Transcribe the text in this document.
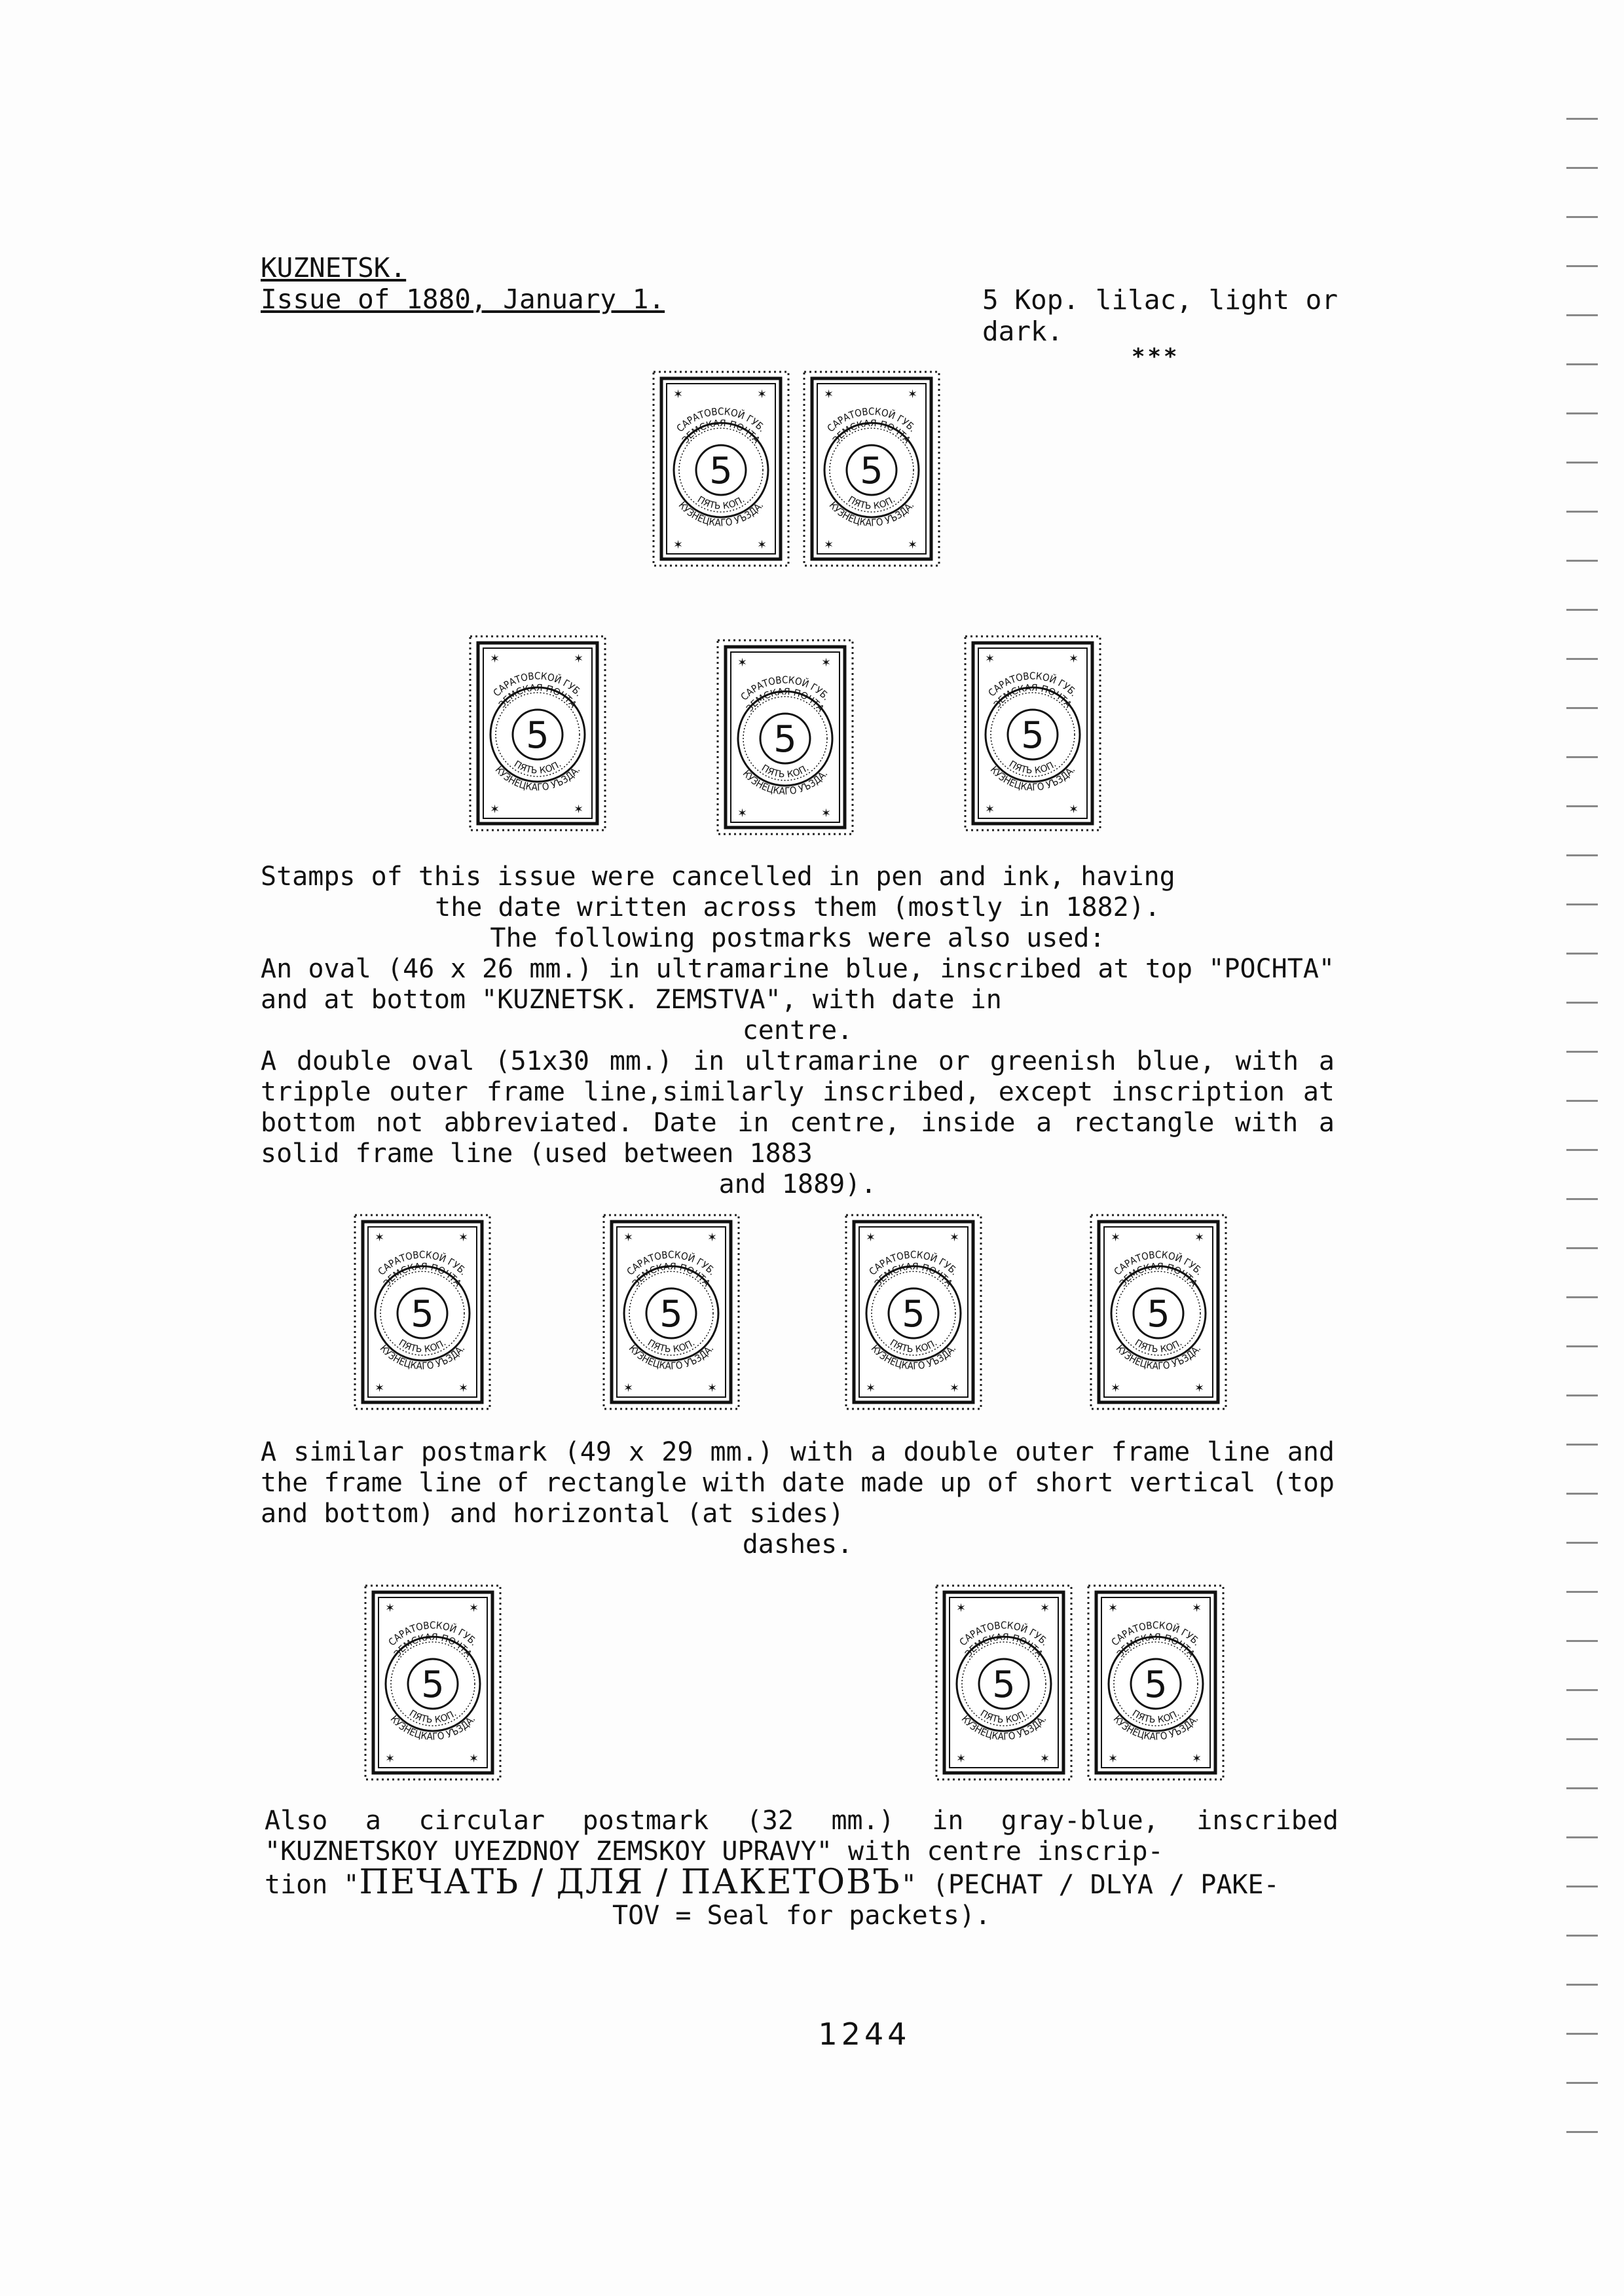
KUZNETSK.
Issue of 1880, January 1.	5 Kop. lilac, light or dark.
***
✶	✶
✶	✶
САРАТОВСКОЙ ГУБ.
ЗЕМСКАЯ ПОЧТА
ПЯТЬ КОП.
5
КУЗНЕЦКАГО УЪЗДА.
✶	✶
✶	✶
САРАТОВСКОЙ ГУБ.
ЗЕМСКАЯ ПОЧТА
ПЯТЬ КОП.
5
КУЗНЕЦКАГО УЪЗДА.
✶	✶
✶	✶
САРАТОВСКОЙ ГУБ.
ЗЕМСКАЯ ПОЧТА
ПЯТЬ КОП.
5
КУЗНЕЦКАГО УЪЗДА.
✶	✶
✶	✶
САРАТОВСКОЙ ГУБ.
ЗЕМСКАЯ ПОЧТА
ПЯТЬ КОП.
5
КУЗНЕЦКАГО УЪЗДА.
✶	✶
✶	✶
САРАТОВСКОЙ ГУБ.
ЗЕМСКАЯ ПОЧТА
ПЯТЬ КОП.
5
КУЗНЕЦКАГО УЪЗДА.
Stamps of this issue were cancelled in pen and ink, having
the date written across them (mostly in 1882).
The following postmarks were also used:
An oval (46 x 26 mm.) in ultramarine blue, inscribed at top "POCHTA" and at bottom "KUZNETSK. ZEMSTVA", with date in
centre.
A double oval (51x30 mm.) in ultramarine or greenish blue, with a tripple outer frame line,similarly inscribed, except inscription at bottom not abbreviated. Date in centre, inside a rectangle with a solid frame line (used between 1883
and 1889).
✶	✶
✶	✶
САРАТОВСКОЙ ГУБ.
ЗЕМСКАЯ ПОЧТА
ПЯТЬ КОП.
5
КУЗНЕЦКАГО УЪЗДА.
✶	✶
✶	✶
САРАТОВСКОЙ ГУБ.
ЗЕМСКАЯ ПОЧТА
ПЯТЬ КОП.
5
КУЗНЕЦКАГО УЪЗДА.
✶	✶
✶	✶
САРАТОВСКОЙ ГУБ.
ЗЕМСКАЯ ПОЧТА
ПЯТЬ КОП.
5
КУЗНЕЦКАГО УЪЗДА.
✶	✶
✶	✶
САРАТОВСКОЙ ГУБ.
ЗЕМСКАЯ ПОЧТА
ПЯТЬ КОП.
5
КУЗНЕЦКАГО УЪЗДА.
A similar postmark (49 x 29 mm.) with a double outer frame line and the frame line of rectangle with date made up of short vertical (top and bottom) and horizontal (at sides)
dashes.
✶	✶
✶	✶
САРАТОВСКОЙ ГУБ.
ЗЕМСКАЯ ПОЧТА
ПЯТЬ КОП.
5
КУЗНЕЦКАГО УЪЗДА.
✶	✶
✶	✶
САРАТОВСКОЙ ГУБ.
ЗЕМСКАЯ ПОЧТА
ПЯТЬ КОП.
5
КУЗНЕЦКАГО УЪЗДА.
✶	✶
✶	✶
САРАТОВСКОЙ ГУБ.
ЗЕМСКАЯ ПОЧТА
ПЯТЬ КОП.
5
КУЗНЕЦКАГО УЪЗДА.
Also a circular postmark (32 mm.) in gray-blue, inscribed "KUZNETSKOY UYEZDNOY ZEMSKOY UPRAVY" with centre inscrip-
tion "ПЕЧАТЬ / ДЛЯ / ПАКЕТОВЪ" (PECHAT / DLYA / PAKE-
TOV = Seal for packets).
1244
